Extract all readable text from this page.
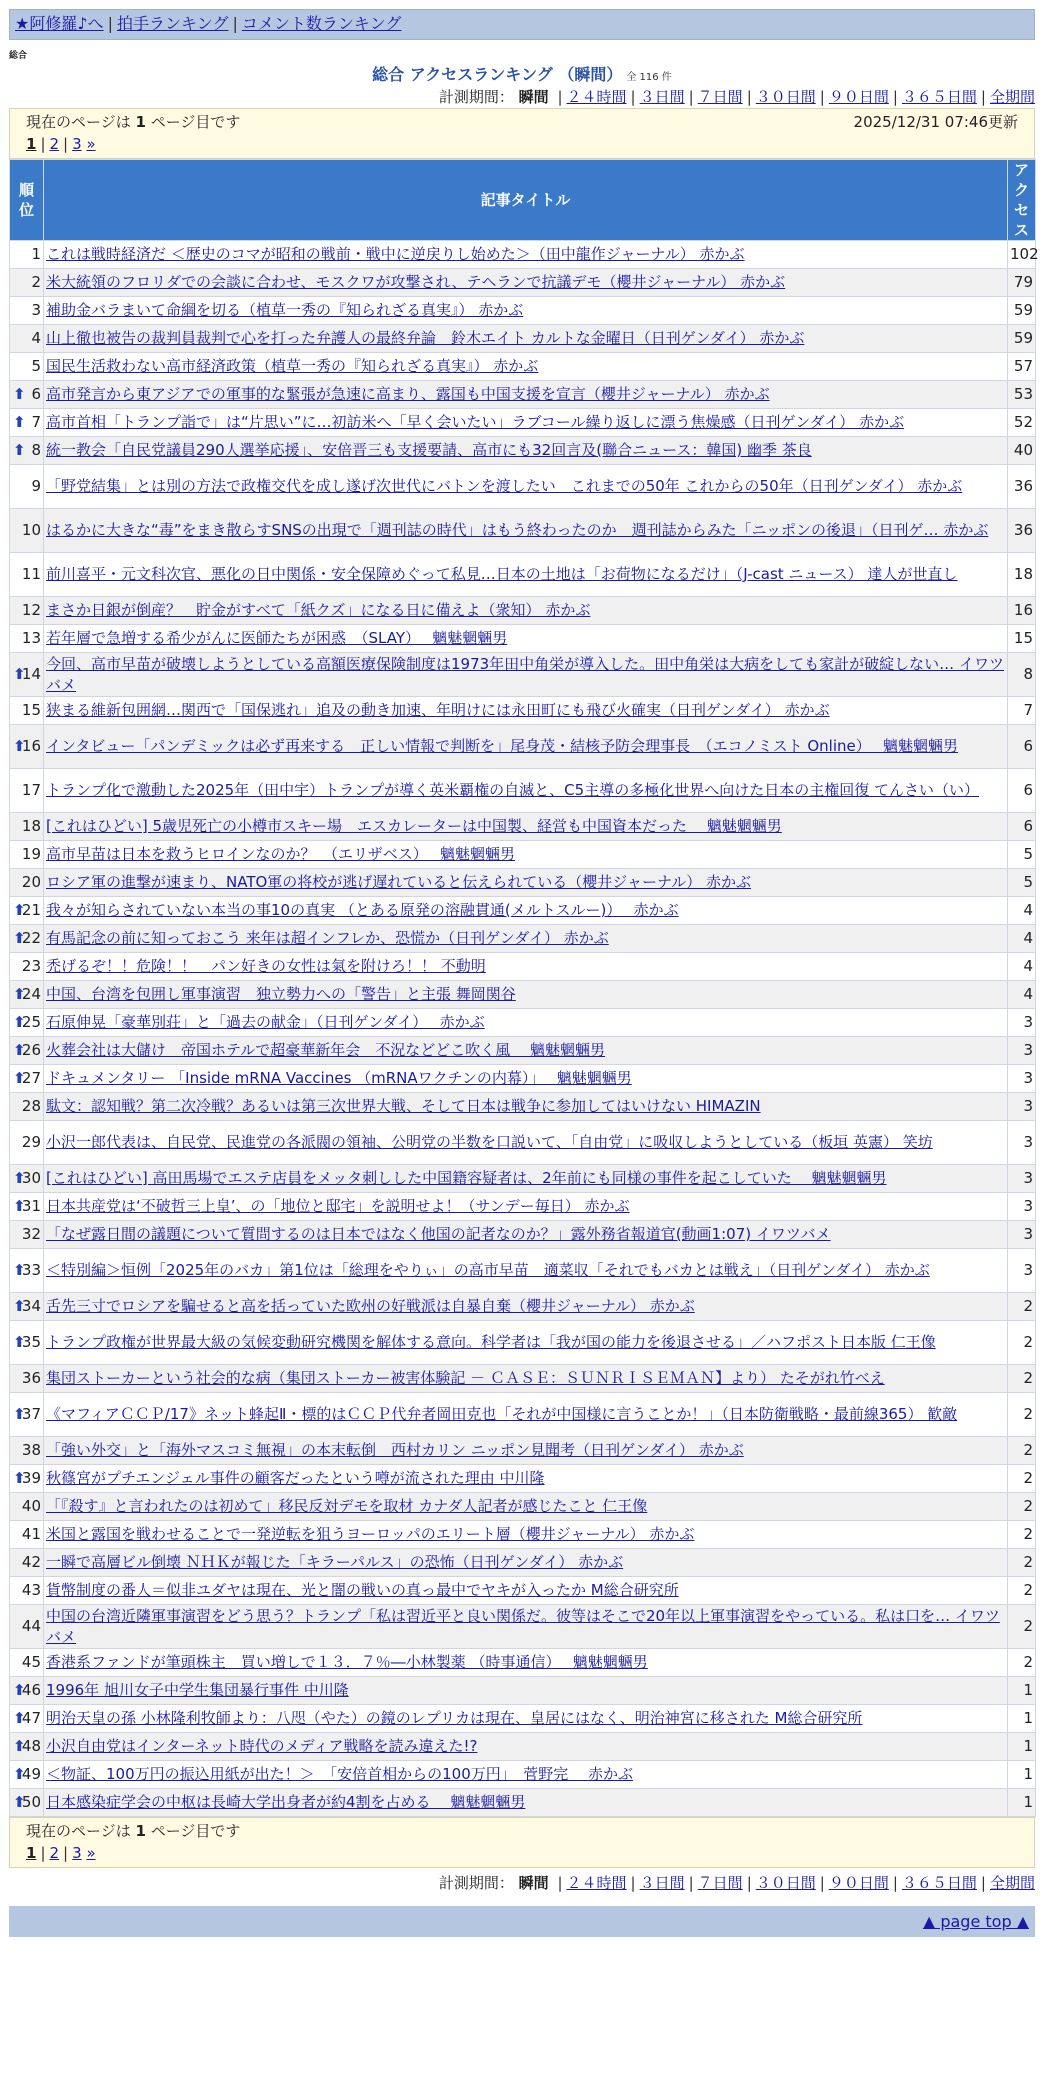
★阿修羅♪へ | 拍手ランキング | コメント数ランキング
総合
総合 アクセスランキング （瞬間） 全 116 件
計測期間： 瞬間 | ２４時間 | ３日間 | ７日間 | ３０日間 | ９０日間 | ３６５日間 | 全期間
現在のページは 1 ページ目です	2025/12/31 07:46更新
1 | 2 | 3 »
順位	記事タイトル	アクセス
1	これは戦時経済だ ＜歴史のコマが昭和の戦前・戦中に逆戻りし始めた＞（田中龍作ジャーナル） 赤かぶ	102
2	米大統領のフロリダでの会談に合わせ、モスクワが攻撃され、テヘランで抗議デモ（櫻井ジャーナル） 赤かぶ	79
3	補助金バラまいて命綱を切る（植草一秀の『知られざる真実』） 赤かぶ	59
4	山上徹也被告の裁判員裁判で心を打った弁護人の最終弁論　鈴木エイト カルトな金曜日（日刊ゲンダイ） 赤かぶ	59
5	国民生活救わない高市経済政策（植草一秀の『知られざる真実』） 赤かぶ	57

⬆ 6	高市発言から東アジアでの軍事的な緊張が急速に高まり、露国も中国支援を宣言（櫻井ジャーナル） 赤かぶ	53

⬆ 7	高市首相「トランプ詣で」は“片思い”に…初訪米へ「早く会いたい」ラブコール繰り返しに漂う焦燥感（日刊ゲンダイ） 赤かぶ	52

⬆ 8	統一教会「自民党議員290人選挙応援」、安倍晋三も支援要請、高市にも32回言及(聯合ニュース：韓国) 幽季 茶良	40
9	「野党結集」とは別の方法で政権交代を成し遂げ次世代にバトンを渡したい　これまでの50年 これからの50年（日刊ゲンダイ） 赤かぶ	36
10	はるかに大きな“毒”をまき散らすSNSの出現で「週刊誌の時代」はもう終わったのか　週刊誌からみた「ニッポンの後退」（日刊ゲ… 赤かぶ	36
11	前川喜平・元文科次官、悪化の日中関係・安全保障めぐって私見…日本の土地は「お荷物になるだけ」（J-cast ニュース） 達人が世直し	18
12	まさか日銀が倒産？　貯金がすべて「紙クズ」になる日に備えよ（衆知） 赤かぶ	16
13	若年層で急増する希少がんに医師たちが困惑　（SLAY）　 魑魅魍魎男	15

⬆
14	今回、高市早苗が破壊しようとしている高額医療保険制度は1973年田中角栄が導入した。田中角栄は大病をしても家計が破綻しない… イワツバメ	8
15	狭まる維新包囲網…関西で「国保逃れ」追及の動き加速、年明けには永田町にも飛び火確実（日刊ゲンダイ） 赤かぶ	7

⬆
16	インタビュー「パンデミックは必ず再来する　正しい情報で判断を」尾身茂・結核予防会理事長　（エコノミスト Online）　 魑魅魍魎男	6
17	トランプ化で激動した2025年（田中宇）トランプが導く英米覇権の自滅と、C5主導の多極化世界へ向けた日本の主権回復 てんさい（い）	6
18	[これはひどい] 5歳児死亡の小樽市スキー場　エスカレーターは中国製、経営も中国資本だった　 魑魅魍魎男	6
19	高市早苗は日本を救うヒロインなのか？　（エリザベス）　 魑魅魍魎男	5
20	ロシア軍の進撃が速まり、NATO軍の将校が逃げ遅れていると伝えられている（櫻井ジャーナル） 赤かぶ	5

⬆
21	我々が知らされていない本当の事10の真実 （とある原発の溶融貫通(メルトスルー)）　 赤かぶ	4

⬆
22	有馬記念の前に知っておこう 来年は超インフレか、恐慌か（日刊ゲンダイ） 赤かぶ	4
23	禿げるぞ！！危険！！　パン好きの女性は氣を附けろ！！ 不動明	4

⬆
24	中国、台湾を包囲し軍事演習　独立勢力への「警告」と主張 舞岡関谷	4

⬆
25	石原伸晃「豪華別荘」と「過去の献金」（日刊ゲンダイ）　 赤かぶ	3

⬆
26	火葬会社は大儲け　帝国ホテルで超豪華新年会　不況などどこ吹く風　 魑魅魍魎男	3

⬆
27	ドキュメンタリー 「Inside mRNA Vaccines （mRNAワクチンの内幕）」　 魑魅魍魎男	3
28	駄文：認知戦？第二次冷戦？あるいは第三次世界大戦、そして日本は戦争に参加してはいけない HIMAZIN	3
29	小沢一郎代表は、自民党、民進党の各派閥の領袖、公明党の半数を口説いて、「自由党」に吸収しようとしている（板垣 英憲） 笑坊	3

⬆
30	[これはひどい] 高田馬場でエステ店員をメッタ刺しした中国籍容疑者は、2年前にも同様の事件を起こしていた　 魑魅魍魎男	3

⬆
31	日本共産党は‘不破哲三上皇’、の「地位と邸宅」を説明せよ！（サンデー毎日） 赤かぶ	3
32	「なぜ露日間の議題について質問するのは日本ではなく他国の記者なのか？」露外務省報道官(動画1:07) イワツバメ	3

⬆
33	＜特別編＞恒例「2025年のバカ」第1位は「総理をやりぃ」の高市早苗　適菜収「それでもバカとは戦え」（日刊ゲンダイ） 赤かぶ	3

⬆
34	舌先三寸でロシアを騙せると高を括っていた欧州の好戦派は自暴自棄（櫻井ジャーナル） 赤かぶ	2

⬆
35	トランプ政権が世界最大級の気候変動研究機関を解体する意向。科学者は「我が国の能力を後退させる」／ハフポスト日本版 仁王像	2
36	集団ストーカーという社会的な病（集団ストーカー被害体験記 － ＣＡＳＥ：ＳＵＮＲＩＳＥＭＡＮ】より） たそがれ竹べえ	2

⬆
37	《マフィアＣＣＰ/17》ネット蜂起Ⅱ・標的はＣＣＰ代弁者岡田克也「それが中国様に言うことか！」（日本防衛戦略・最前線365） 歓敵	2
38	「強い外交」と「海外マスコミ無視」の本末転倒　西村カリン ニッポン見聞考（日刊ゲンダイ） 赤かぶ	2

⬆
39	秋篠宮がプチエンジェル事件の顧客だったという噂が流された理由 中川隆	2
40	「『殺す』と言われたのは初めて」移民反対デモを取材 カナダ人記者が感じたこと 仁王像	2
41	米国と露国を戦わせることで一発逆転を狙うヨーロッパのエリート層（櫻井ジャーナル） 赤かぶ	2
42	一瞬で高層ビル倒壊 ＮＨＫが報じた「キラーパルス」の恐怖（日刊ゲンダイ） 赤かぶ	2
43	貨幣制度の番人＝似非ユダヤは現在、光と闇の戦いの真っ最中でヤキが入ったか M総合研究所	2
44	中国の台湾近隣軍事演習をどう思う？トランプ「私は習近平と良い関係だ。彼等はそこで20年以上軍事演習をやっている。私は口を… イワツバメ	2
45	香港系ファンドが筆頭株主　買い増しで１３．７％―小林製薬 （時事通信）　 魑魅魍魎男	2

⬆
46	1996年 旭川女子中学生集団暴行事件 中川隆	1

⬆
47	明治天皇の孫 小林隆利牧師より：八咫（やた）の鏡のレプリカは現在、皇居にはなく、明治神宮に移された M総合研究所	1

⬆
48	小沢自由党はインターネット時代のメディア戦略を読み違えた!?	1

⬆
49	＜物証、100万円の振込用紙が出た！＞　「安倍首相からの100万円」　菅野完　 赤かぶ	1

⬆
50	日本感染症学会の中枢は長崎大学出身者が約4割を占める　 魑魅魍魎男	1
現在のページは 1 ページ目です
1 | 2 | 3 »
計測期間： 瞬間 | ２４時間 | ３日間 | ７日間 | ３０日間 | ９０日間 | ３６５日間 | 全期間
▲ page top ▲
